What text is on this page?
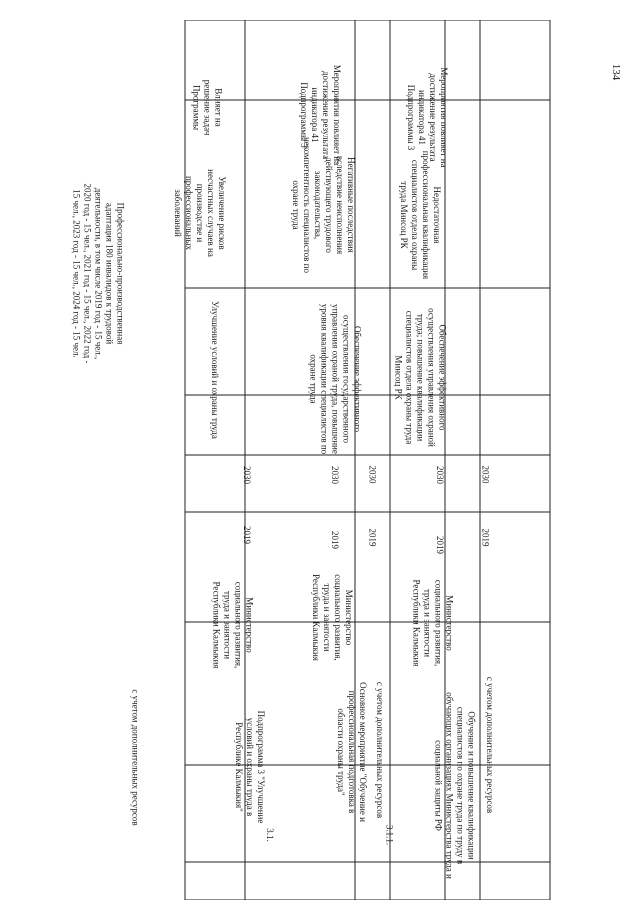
134
с учетом дополнительных ресурсов
Профессионально-производственная адаптация 180 инвалидов к трудовой деятельности, в том числе 2019 год - 15 чел., 2020 год - 15 чел., 2021 год - 15 чел., 2022 год - 15 чел., 2023 год - 15 чел., 2024 год - 15 чел.
Влияет на решение задач Программы
Подпрограмма 3 "Улучшение условий и охраны труда в Республике Калмыкия"
Министерство социального развития, труда и занятости Республики Калмыкия
2019
2030
Улучшение условий и охраны труда
Увеличение рисков несчастных случаев на производстве и профессиональных заболеваний
3.1.
Основное мероприятие "Обучение и профессиональная подготовка в области охраны труда"
Министерство социального развития, труда и занятости Республики Калмыкия
2019
2030
Обеспечение эффективного осуществления государственного управления охраной труда, повышение уровня квалификации специалистов по охране труда
Негативные последствия вследствие неисполнения действующего трудового законодательства, некомпетентность специалистов по охране труда
Мероприятия повлияет на достижение результата индикатора 41 Подпрограммы 3
с учетом дополнительных ресурсов
2019
2030
3.1.1.	Обучение и повышение квалификации специалистов по охране труда по труду в обучающих организациях Министерства труда и социальной защиты РФ
Министерство социального развития, труда и занятости Республики Калмыкия
2019
2030
Обеспечение эффективного осуществления управления охраной труда; повышение квалификации специалистов отдела охраны труда Минсоц РК
Недостаточная профессиональная квалификация специалистов отдела охраны труда Минсоц РК
Мероприятия повлияет на достижение результата индикатора 41 Подпрограммы 3
с учетом дополнительных ресурсов
2019
2030
